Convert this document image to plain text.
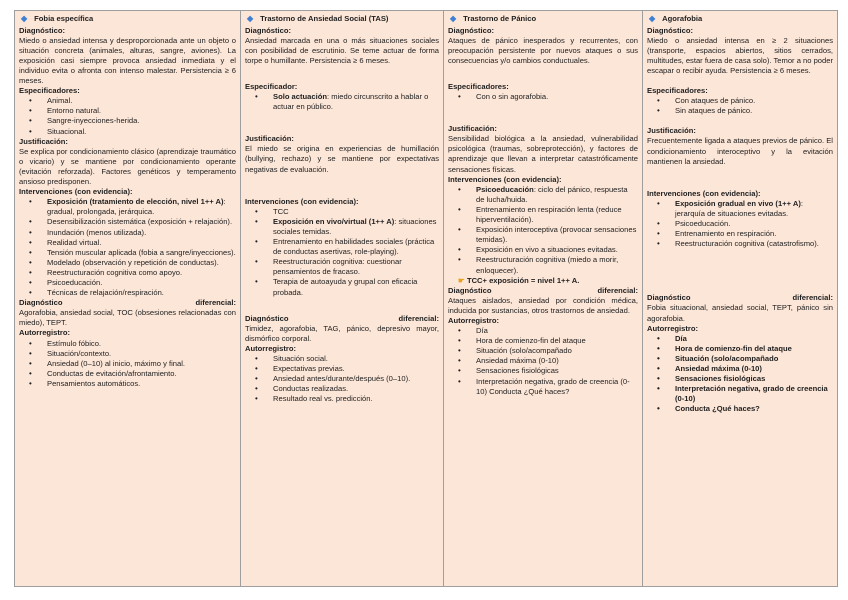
◆ Fobia específica
Diagnóstico:

Miedo o ansiedad intensa y desproporcionada ante un objeto o situación concreta (animales, alturas, sangre, aviones). La exposición casi siempre provoca ansiedad inmediata y el individuo evita o afronta con intenso malestar. Persistencia ≥ 6 meses.

Especificadores:
• Animal.
• Entorno natural.
• Sangre-inyecciones-herida.
• Situacional.
Justificación:

Se explica por condicionamiento clásico (aprendizaje traumático o vicario) y se mantiene por condicionamiento operante (evitación reforzada). Factores genéticos y temperamento ansioso predisponen.

Intervenciones (con evidencia):
• Exposición (tratamiento de elección, nivel 1++ A): gradual, prolongada, jerárquica.
• Desensibilización sistemática (exposición + relajación).
• Inundación (menos utilizada).
• Realidad virtual.
• Tensión muscular aplicada (fobia a sangre/inyecciones).
• Modelado (observación y repetición de conductas).
• Reestructuración cognitiva como apoyo.
• Psicoeducación.
• Técnicas de relajación/respiración.
Diagnóstico	diferencial:

Agorafobia, ansiedad social, TOC (obsesiones relacionadas con miedo), TEPT.

Autorregistro:
• Estímulo fóbico.
• Situación/contexto.
• Ansiedad (0–10) al inicio, máximo y final.
• Conductas de evitación/afrontamiento.
• Pensamientos automáticos.
◆ Trastorno de Ansiedad Social (TAS)
Diagnóstico:

Ansiedad marcada en una o más situaciones sociales con posibilidad de escrutinio. Se teme actuar de forma torpe o humillante. Persistencia ≥ 6 meses.

Especificador:
• Solo actuación: miedo circunscrito a hablar o actuar en público.
Justificación:

El miedo se origina en experiencias de humillación (bullying, rechazo) y se mantiene por expectativas negativas de evaluación.

Intervenciones (con evidencia):
• TCC
• Exposición en vivo/virtual (1++ A): situaciones sociales temidas.
• Entrenamiento en habilidades sociales (práctica de conductas asertivas, role-playing).
• Reestructuración cognitiva: cuestionar pensamientos de fracaso.
• Terapia de autoayuda y grupal con eficacia probada.
Diagnóstico	diferencial:

Timidez, agorafobia, TAG, pánico, depresivo mayor, dismórfico corporal.

Autorregistro:
• Situación social.
• Expectativas previas.
• Ansiedad antes/durante/después (0–10).
• Conductas realizadas.
• Resultado real vs. predicción.
◆ Trastorno de Pánico
Diagnóstico:

Ataques de pánico inesperados y recurrentes, con preocupación persistente por nuevos ataques o sus consecuencias y/o cambios conductuales.

Especificadores:
• Con o sin agorafobia.
Justificación:

Sensibilidad biológica a la ansiedad, vulnerabilidad psicológica (traumas, sobreprotección), y factores de aprendizaje que llevan a interpretar catastróficamente sensaciones físicas.

Intervenciones (con evidencia):
• Psicoeducación: ciclo del pánico, respuesta de lucha/huida.
• Entrenamiento en respiración lenta (reduce hiperventilación).
• Exposición interoceptiva (provocar sensaciones temidas).
• Exposición en vivo a situaciones evitadas.
• Reestructuración cognitiva (miedo a morir, enloquecer).
☛ TCC+ exposición = nivel 1++ A.
Diagnóstico	diferencial:

Ataques aislados, ansiedad por condición médica, inducida por sustancias, otros trastornos de ansiedad.

Autorregistro:
• Día
• Hora de comienzo-fin del ataque
• Situación (solo/acompañado
• Ansiedad máxima (0-10)
• Sensaciones fisiológicas
• Interpretación negativa, grado de creencia (0-10) Conducta ¿Qué haces?
◆ Agorafobia
Diagnóstico:

Miedo o ansiedad intensa en ≥ 2 situaciones (transporte, espacios abiertos, sitios cerrados, multitudes, estar fuera de casa solo). Temor a no poder escapar o recibir ayuda. Persistencia ≥ 6 meses.

Especificadores:
• Con ataques de pánico.
• Sin ataques de pánico.
Justificación:

Frecuentemente ligada a ataques previos de pánico. El condicionamiento interoceptivo y la evitación mantienen la ansiedad.

Intervenciones (con evidencia):
• Exposición gradual en vivo (1++ A): jerarquía de situaciones evitadas.
• Psicoeducación.
• Entrenamiento en respiración.
• Reestructuración cognitiva (catastrofismo).
Diagnóstico	diferencial:

Fobia situacional, ansiedad social, TEPT, pánico sin agorafobia.

Autorregistro:
• Día
• Hora de comienzo-fin del ataque
• Situación (solo/acompañado
• Ansiedad máxima (0-10)
• Sensaciones fisiológicas
• Interpretación negativa, grado de creencia (0-10)
• Conducta ¿Qué haces?
